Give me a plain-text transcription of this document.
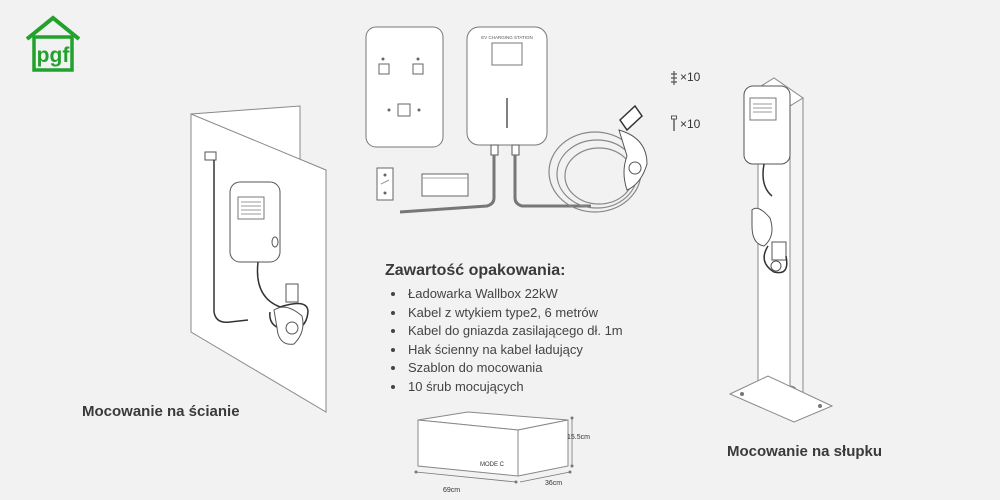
pgf
Mocowanie na ścianie
EV CHARGING STATION
×10
×10
Zawartość opakowania:
• Ładowarka Wallbox 22kW
• Kabel z wtykiem type2, 6 metrów
• Kabel do gniazda zasilającego dł. 1m
• Hak ścienny na kabel ładujący
• Szablon do mocowania
• 10 śrub mocujących
MODE C
69cm
36cm
15.5cm
Mocowanie na słupku
